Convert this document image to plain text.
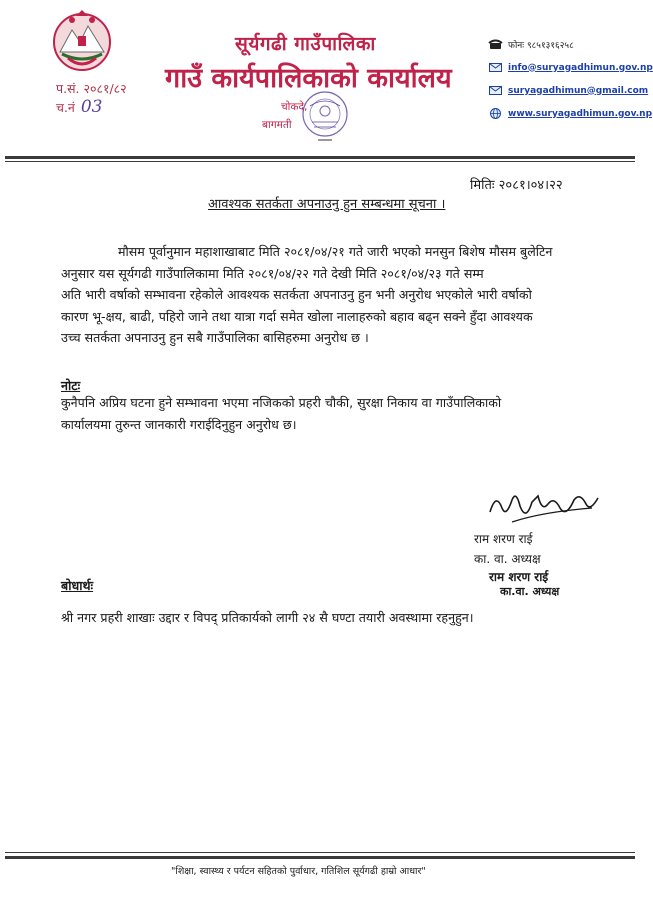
प.सं. २०८१/८२
च.नं 03
सूर्यगढी गाउँपालिका
गाउँ कार्यपालिकाको कार्यालय
चोकदे,
बागमती
फोनः ९८५१३१६२५८
info@suryagadhimun.gov.np
suryagadhimun@gmail.com
www.suryagadhimun.gov.np
मितिः २०८१।०४।२२
आवश्यक सतर्कता अपनाउनु हुन सम्बन्धमा सूचना ।
मौसम पूर्वानुमान महाशाखाबाट मिति २०८१/०४/२१ गते जारी भएको मनसुन बिशेष मौसम बुलेटिन
अनुसार यस सूर्यगढी गाउँपालिकामा मिति २०८१/०४/२२ गते देखी मिति २०८१/०४/२३ गते सम्म
अति भारी वर्षाको सम्भावना रहेकोले आवश्यक सतर्कता अपनाउनु हुन भनी अनुरोध भएकोले भारी वर्षाको
कारण भू-क्षय, बाढी, पहिरो जाने तथा यात्रा गर्दा समेत खोला नालाहरुको बहाव बढ्न सक्ने हुँदा आवश्यक
उच्च सतर्कता अपनाउनु हुन सबै गाउँपालिका बासिहरुमा अनुरोध छ ।
नोटः
कुनैपनि अप्रिय घटना हुने सम्भावना भएमा नजिकको प्रहरी चौकी, सुरक्षा निकाय वा गाउँपालिकाको
कार्यालयमा तुरुन्त जानकारी गराईदिनुहुन अनुरोध छ।
राम शरण राई
का. वा. अध्यक्ष
राम शरण राई
का.वा. अध्यक्ष
बोधार्थः
श्री नगर प्रहरी शाखाः उद्दार र विपद् प्रतिकार्यको लागी २४ सै घण्टा तयारी अवस्थामा रहनुहुन।
"शिक्षा, स्वास्थ्य र पर्यटन सहितको पुर्वाधार, गतिशिल सूर्यगढी हाम्रो आधार"
